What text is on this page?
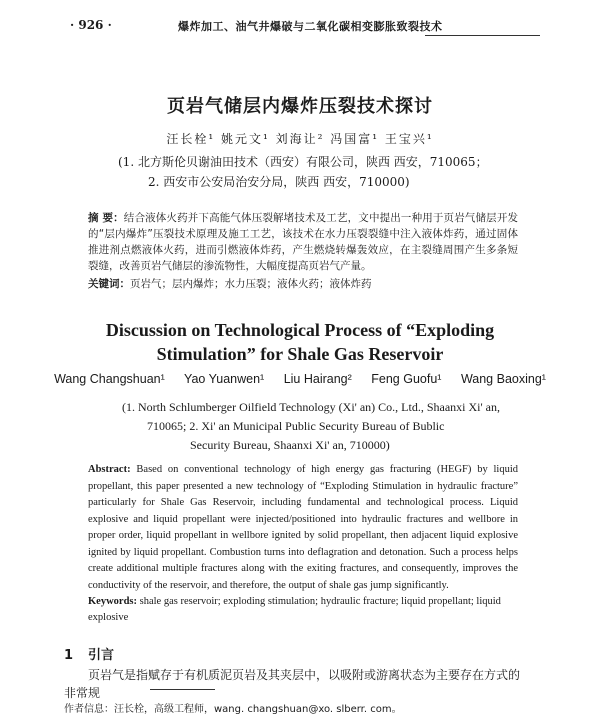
· 926 ·	爆炸加工、油气井爆破与二氧化碳相变膨胀致裂技术
页岩气储层内爆炸压裂技术探讨
汪长栓¹ 姚元文¹ 刘海让² 冯国富¹ 王宝兴¹
(1. 北方斯伦贝谢油田技术（西安）有限公司，陕西 西安，710065；
2. 西安市公安局治安分局，陕西 西安，710000)
摘 要：结合液体火药并下高能气体压裂解堵技术及工艺，文中提出一种用于页岩气储层开发的“层内爆炸”压裂技术原理及施工工艺，该技术在水力压裂裂缝中注入液体炸药，通过固体推进剂点燃液体火药，进而引燃液体炸药，产生燃烧转爆轰效应，在主裂缝周围产生多条短裂缝，改善页岩气储层的渗流物性，大幅度提高页岩气产量。
关键词：页岩气；层内爆炸；水力压裂；液体火药；液体炸药
Discussion on Technological Process of “Exploding
Stimulation” for Shale Gas Reservoir
Wang Changshuan¹ Yao Yuanwen¹ Liu Hairang² Feng Guofu¹ Wang Baoxing¹
(1. North Schlumberger Oilfield Technology (Xi' an) Co., Ltd., Shaanxi Xi' an,
710065; 2. Xi' an Municipal Public Security Bureau of Bublic
Security Bureau, Shaanxi Xi' an, 710000)
Abstract: Based on conventional technology of high energy gas fracturing (HEGF) by liquid propellant, this paper presented a new technology of “Exploding Stimulation in hydraulic fracture” particularly for Shale Gas Reservoir, including fundamental and technological process. Liquid explosive and liquid propellant were injected/positioned into hydraulic fractures and wellbore in proper order, liquid propellant in wellbore ignited by solid propellant, then adjacent liquid explosive ignited by liquid propellant. Combustion turns into deflagration and detonation. Such a process helps create additional multiple fractures along with the exiting fractures, and consequently, improves the conductivity of the reservoir, and therefore, the output of shale gas jump significantly.
Keywords: shale gas reservoir; exploding stimulation; hydraulic fracture; liquid propellant; liquid explosive
1 引言
页岩气是指赋存于有机质泥页岩及其夹层中，以吸附或游离状态为主要存在方式的非常规
作者信息：汪长栓，高级工程师，wang. changshuan@xo. slberr. com。
